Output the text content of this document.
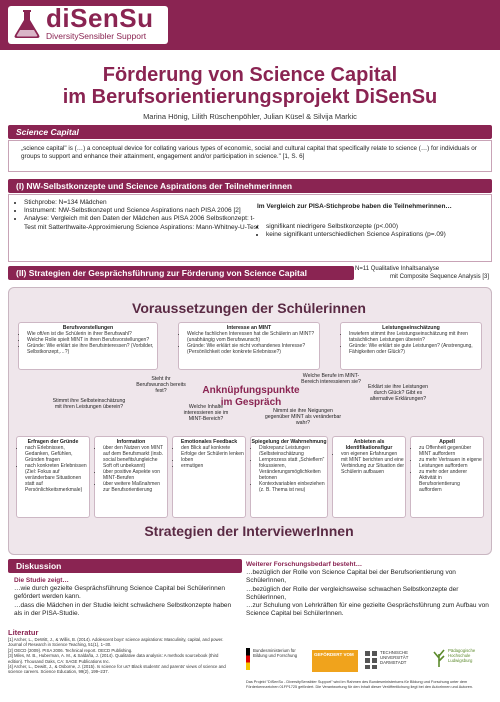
diSenSu
DiversitySensibler Support
Förderung von Science Capital
im Berufsorientierungsprojekt DiSenSu
Marina Hönig, Lilith Rüschenpöhler, Julian Küsel & Silvija Markic
Science Capital
„science capital" is (…) a conceptual device for collating various types of economic, social and cultural capital that specifically relate to science (…) for individuals or groups to support and enhance their attainment, engagement and/or participation in science." [1, S. 6]
(I) NW-Selbstkonzepte und Science Aspirations der Teilnehmerinnen
• Stichprobe: N=134 Mädchen
• Instrument: NW-Selbstkonzept und Science Aspirations nach PISA 2006 [2]
• Analyse: Vergleich mit den Daten der Mädchen aus PISA 2006 Selbstkonzept: t-Test mit Satterthwaite-Approximierung Science Aspirations: Mann-Whitney-U-Test
Im Vergleich zur PISA-Stichprobe haben die Teilnehmerinnen…
• signifikant niedrigere Selbstkonzepte (p<.000)
• keine signifikant unterschiedlichen Science Aspirations (p=.09)
(II) Strategien der Gesprächsführung zur Förderung von Science Capital	N=11 Qualitative Inhaltsanalyse
mit Composite Sequence Analysis [3]
Voraussetzungen der Schülerinnen
Berufsvorstellungen
• Wie oft/en ist die Schülerin in ihrer Berufswahl?
• Welche Rolle spielt MINT in ihren Berufsvorstellungen?
• Gründe: Wie erklärt sie ihre Berufsinteressen? (Vorbilder, Selbstkonzept,…?)
Interesse an MINT
• Welche fachlichen Interessen hat die Schülerin an MINT? (unabhängig vom Berufswunsch)
• Gründe: Wie erklärt sie nicht vorhandenes Interesse? (Persönlichkeit oder konkrete Erlebnisse?)
Leistungseinschätzung
• Inwiefern stimmt ihre Leistungseinschätzung mit ihren tatsächlichen Leistungen überein?
• Gründe: Wie erklärt sie gute Leistungen? (Anstrengung, Fähigkeiten oder Glück?)
Stimmt ihre Selbsteinschätzung mit ihren Leistungen überein?
Steht ihr Berufswunsch bereits fest?
Welche Inhalte interessieren sie im MINT-Bereich?
Anknüpfungspunkte im Gespräch
Nimmt sie ihre Neigungen gegenüber MINT als veränderbar wahr?
Welche Berufe im MINT-Bereich interessieren sie?
Erklärt sie ihre Leistungen durch Glück? Gibt es alternative Erklärungen?
Erfragen der Gründe
• nach Erlebnissen, Gedanken, Gefühlen, Gründen fragen
• nach konkreten Erlebnissen (Ziel: Fokus auf veränderbare Situationen statt auf Persönlichkeitsmerkmale)
Information
• über den Nutzen von MINT auf dem Berufsmarkt (insb. social benefits/ungleiche Soft oft unbekannt)
• über positive Aspekte von MINT-Berufen
• über weitere Maßnahmen zur Berufsorientierung
Emotionales Feedback
• den Blick auf konkrete Erfolge der Schülerin lenken
• loben
• ermutigen
Spiegelung der Wahrnehmung
• Diskrepanz Leistungen /Selbsteinschätzung
• Lernprozess statt „Schieflern“ fokussieren, Veränderungsmöglichkeiten betonen
• Kontextvariablen einbeziehen (z. B. Thema ist neu)
Anbieten als Identifikationsfigur
• von eigenen Erfahrungen mit MINT berichten und eine Verbindung zur Situation der Schülerin aufbauen
Appell
• zu Offenheit gegenüber MINT auffordern
• zu mehr Vertrauen in eigene Leistungen auffordern
• zu mehr oder anderer Aktivität in Berufsorientierung auffordern
Strategien der InterviewerInnen
Diskussion
Die Studie zeigt…
…wie durch gezielte Gesprächsführung Science Capital bei Schülerinnen gefördert werden kann.
…dass die Mädchen in der Studie leicht schwächere Selbstkonzepte haben als in der PISA-Studie.
Weiterer Forschungsbedarf besteht…
…bezüglich der Rolle von Science Capital bei der Berufsorientierung von SchülerInnen,
…bezüglich der Rolle der vergleichsweise schwachen Selbstkonzepte der SchülerInnen,
…zur Schulung von Lehrkräften für eine gezielte Gesprächsführung zum Aufbau von Science Capital bei SchülerInnen.
Literatur
[1] Archer, L., DeWitt, J., & Willis, B. (2014). Adolescent boys' science aspirations: Masculinity, capital, and power. Journal of Research in Science Teaching, 51(1), 1–30.
[2] OECD (2009). PISA 2006. Technical report. OECD Publishing.
[3] Miles, M. B., Huberman, A. M., & Saldaña, J. (2014). Qualitative data analysis: A methods sourcebook (third edition). Thousand Oaks, CA: SAGE Publications Inc.
[4] Archer, L., Dewitt, J., & Osborne, J. (2015). Is science for us? Black students' and parents' views of science and science careers. Science Education, 99(2), 199–237.
Bundesministerium für Bildung und Forschung	GEFÖRDERT VOM	TECHNISCHE UNIVERSITÄT DARMSTADT
Pädagogische Hochschule Ludwigsburg
Das Projekt "DiSenSu - DiversitySensibler Support" wird im Rahmen des Bundesministeriums für Bildung und Forschung unter dem Förderkennzeichen 01FP1725 gefördert. Die Verantwortung für den Inhalt dieser Veröffentlichung liegt bei den AutorInnen und Autoren.
